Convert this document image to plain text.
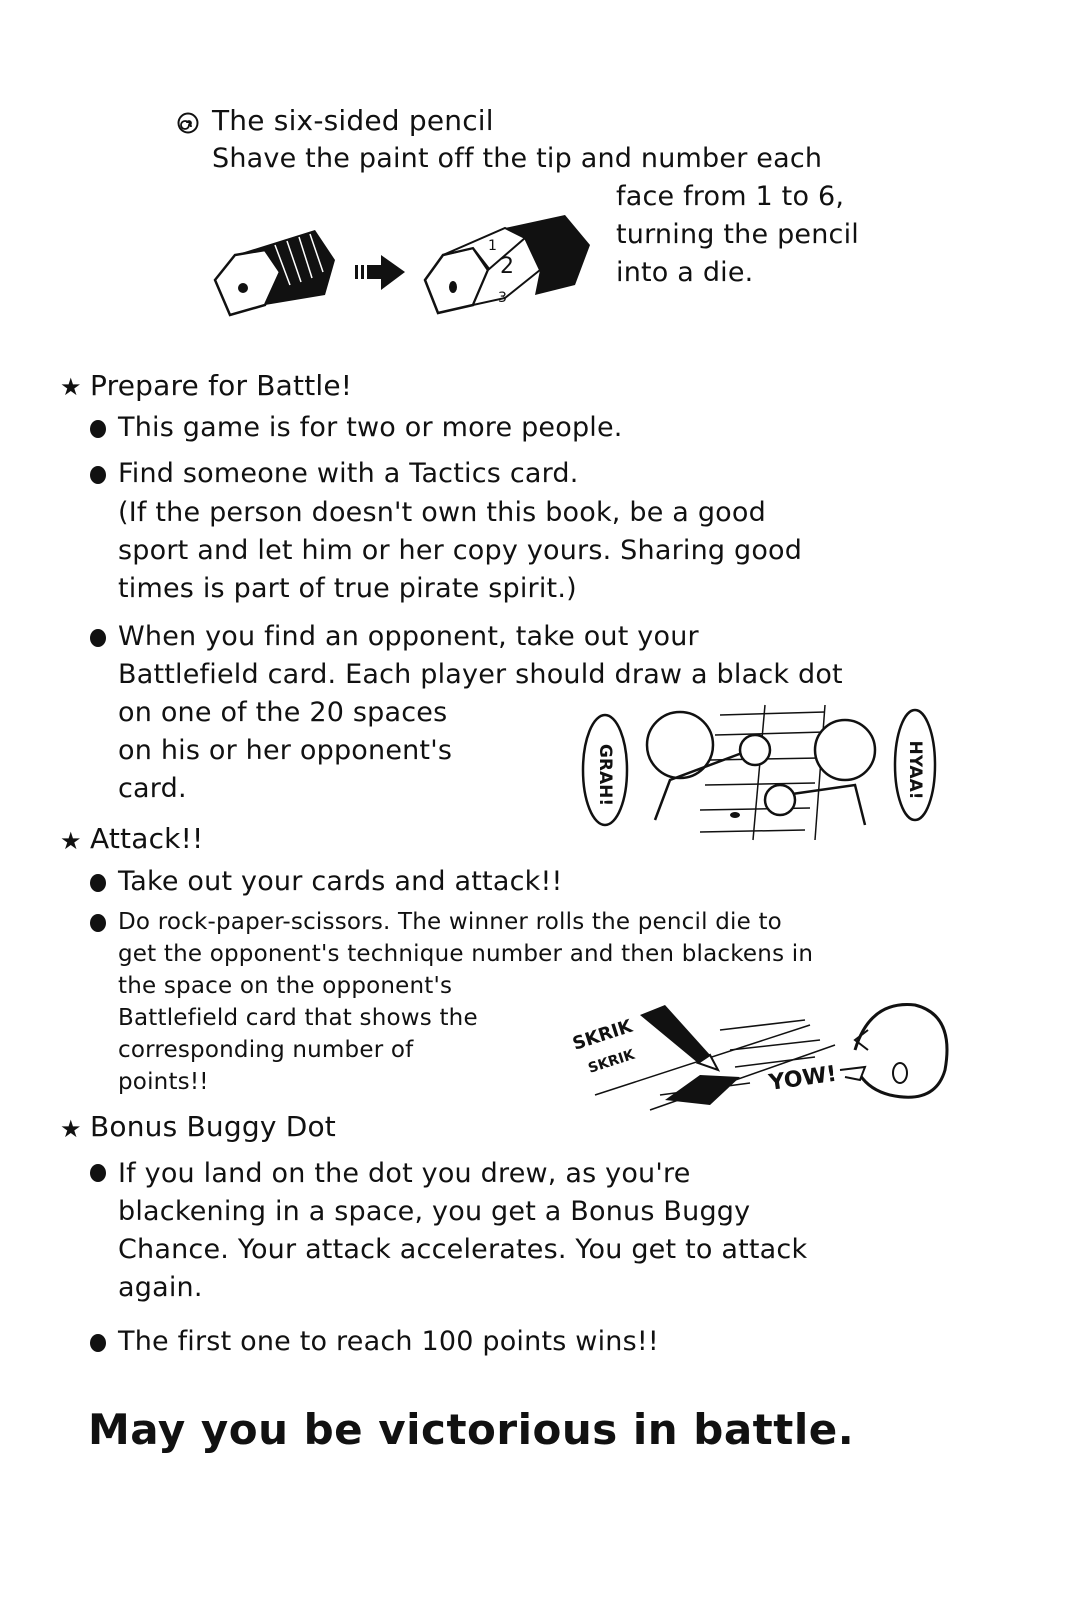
The six-sided pencil
Shave the paint off the tip and number each
face from 1 to 6,
turning the pencil
into a die.
1
2
3
★ Prepare for Battle!
This game is for two or more people.
Find someone with a Tactics card.
(If the person doesn't own this book, be a good
sport and let him or her copy yours. Sharing good
times is part of true pirate spirit.)
When you find an opponent, take out your
Battlefield card. Each player should draw a black dot
on one of the 20 spaces
on his or her opponent's
card.	GRAH!	HYAA!
★ Attack!!
Take out your cards and attack!!
Do rock-paper-scissors. The winner rolls the pencil die to
get the opponent's technique number and then blackens in
the space on the opponent's
Battlefield card that shows the
corresponding number of
points!!
SKRIK
SKRIK	YOW!
★ Bonus Buggy Dot
If you land on the dot you drew, as you're
blackening in a space, you get a Bonus Buggy
Chance. Your attack accelerates. You get to attack
again.
The first one to reach 100 points wins!!
May you be victorious in battle.
